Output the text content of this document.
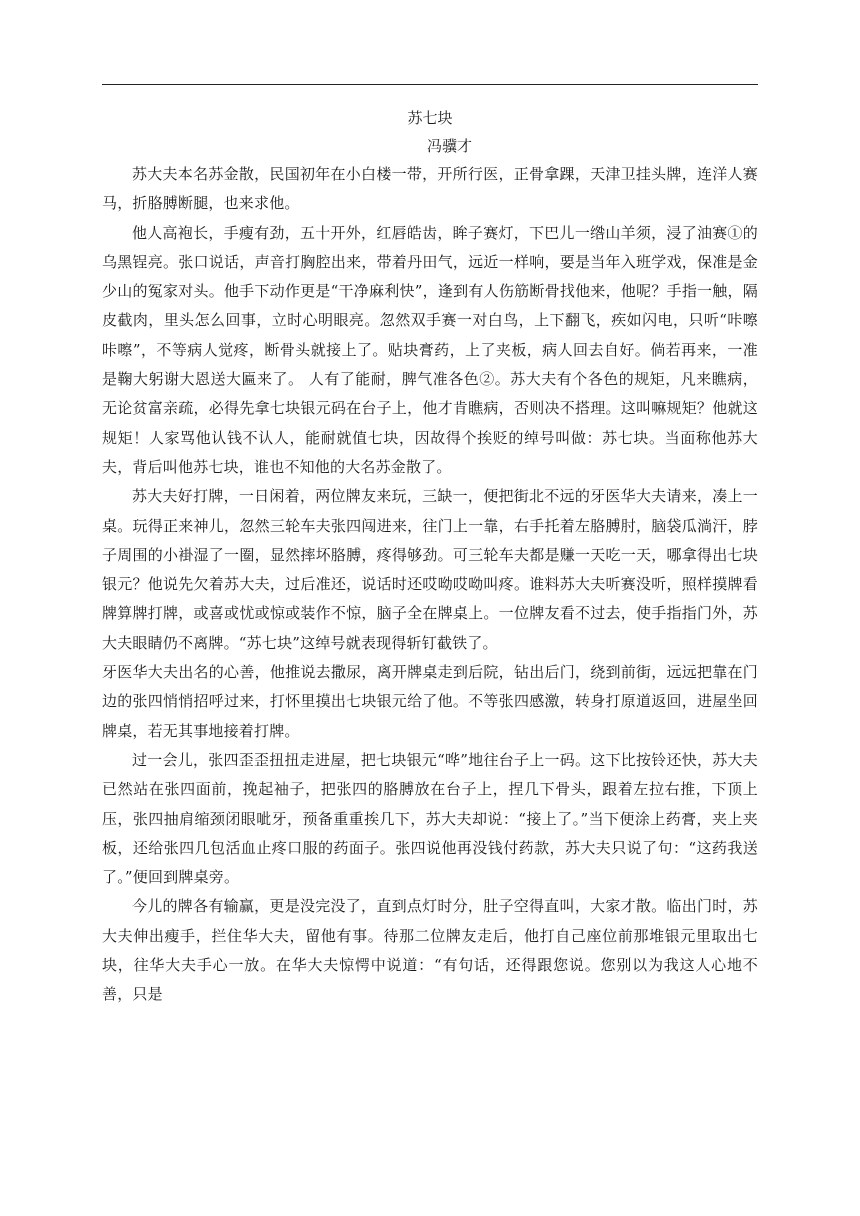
苏七块

冯骥才

苏大夫本名苏金散，民国初年在小白楼一带，开所行医，正骨拿踝，天津卫挂头牌，连洋人赛马，折胳膊断腿，也来求他。

他人高袍长，手瘦有劲，五十开外，红唇皓齿，眸子赛灯，下巴儿一绺山羊须，浸了油赛①的乌黑锃亮。张口说话，声音打胸腔出来，带着丹田气，远近一样响，要是当年入班学戏，保准是金少山的冤家对头。他手下动作更是“干净麻利快”，逢到有人伤筋断骨找他来，他呢？手指一触，隔皮截肉，里头怎么回事，立时心明眼亮。忽然双手赛一对白鸟，上下翻飞，疾如闪电，只听“咔嚓咔嚓”，不等病人觉疼，断骨头就接上了。贴块膏药，上了夹板，病人回去自好。倘若再来，一准是鞠大躬谢大恩送大匾来了。 人有了能耐，脾气准各色②。苏大夫有个各色的规矩，凡来瞧病，无论贫富亲疏，必得先拿七块银元码在台子上，他才肯瞧病，否则决不搭理。这叫嘛规矩？他就这规矩！人家骂他认钱不认人，能耐就值七块，因故得个挨贬的绰号叫做：苏七块。当面称他苏大夫，背后叫他苏七块，谁也不知他的大名苏金散了。

苏大夫好打牌，一日闲着，两位牌友来玩，三缺一，便把街北不远的牙医华大夫请来，凑上一桌。玩得正来神儿，忽然三轮车夫张四闯进来，往门上一靠，右手托着左胳膊肘，脑袋瓜淌汗，脖子周围的小褂湿了一圈，显然摔坏胳膊，疼得够劲。可三轮车夫都是赚一天吃一天，哪拿得出七块银元？他说先欠着苏大夫，过后准还，说话时还哎呦哎呦叫疼。谁料苏大夫听赛没听，照样摸牌看牌算牌打牌，或喜或忧或惊或装作不惊，脑子全在牌桌上。一位牌友看不过去，使手指指门外，苏大夫眼睛仍不离牌。“苏七块”这绰号就表现得斩钉截铁了。

牙医华大夫出名的心善，他推说去撒尿，离开牌桌走到后院，钻出后门，绕到前街，远远把靠在门边的张四悄悄招呼过来，打怀里摸出七块银元给了他。不等张四感激，转身打原道返回，进屋坐回牌桌，若无其事地接着打牌。

过一会儿，张四歪歪扭扭走进屋，把七块银元“哗”地往台子上一码。这下比按铃还快，苏大夫已然站在张四面前，挽起袖子，把张四的胳膊放在台子上，捏几下骨头，跟着左拉右推，下顶上压，张四抽肩缩颈闭眼呲牙，预备重重挨几下，苏大夫却说：“接上了。”当下便涂上药膏，夹上夹板，还给张四几包活血止疼口服的药面子。张四说他再没钱付药款，苏大夫只说了句：“这药我送了。”便回到牌桌旁。

今儿的牌各有输赢，更是没完没了，直到点灯时分，肚子空得直叫，大家才散。临出门时，苏大夫伸出瘦手，拦住华大夫，留他有事。待那二位牌友走后，他打自己座位前那堆银元里取出七块，往华大夫手心一放。在华大夫惊愕中说道：“有句话，还得跟您说。您别以为我这人心地不善，只是
